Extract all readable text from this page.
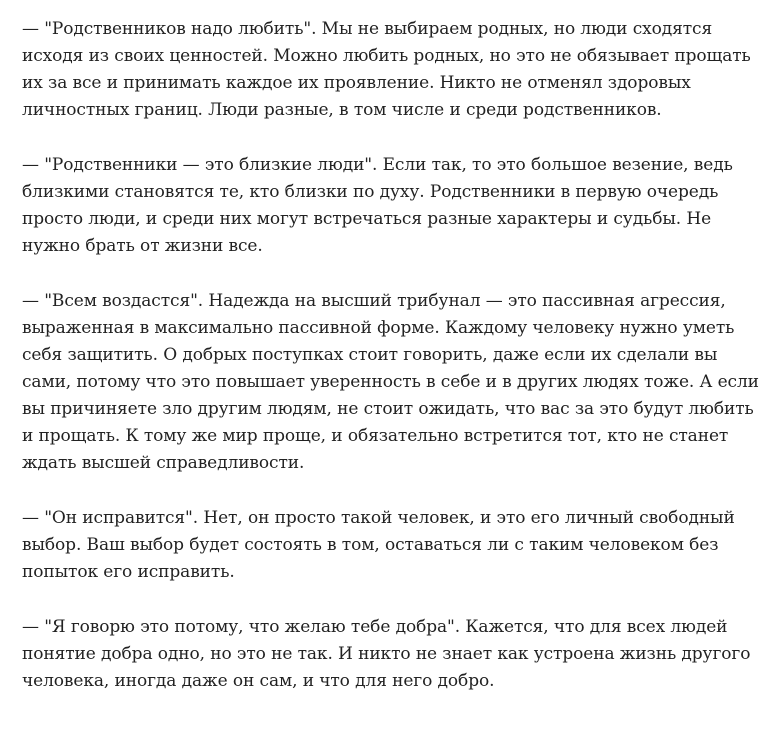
— "Родственников надо любить". Мы не выбираем родных, но люди сходятся исходя из своих ценностей. Можно любить родных, но это не обязывает прощать их за все и принимать каждое их проявление. Никто не отменял здоровых личностных границ. Люди разные, в том числе и среди родственников.

— "Родственники — это близкие люди". Если так, то это большое везение, ведь близкими становятся те, кто близки по духу. Родственники в первую очередь просто люди, и среди них могут встречаться разные характеры и судьбы. Не нужно брать от жизни все.

— "Всем воздастся". Надежда на высший трибунал — это пассивная агрессия, выраженная в максимально пассивной форме. Каждому человеку нужно уметь себя защитить. О добрых поступках стоит говорить, даже если их сделали вы сами, потому что это повышает уверенность в себе и в других людях тоже. А если вы причиняете зло другим людям, не стоит ожидать, что вас за это будут любить и прощать. К тому же мир проще, и обязательно встретится тот, кто не станет ждать высшей справедливости.

— "Он исправится". Нет, он просто такой человек, и это его личный свободный выбор. Ваш выбор будет состоять в том, оставаться ли с таким человеком без попыток его исправить.

— "Я говорю это потому, что желаю тебе добра". Кажется, что для всех людей понятие добра одно, но это не так. И никто не знает как устроена жизнь другого человека, иногда даже он сам, и что для него добро.
